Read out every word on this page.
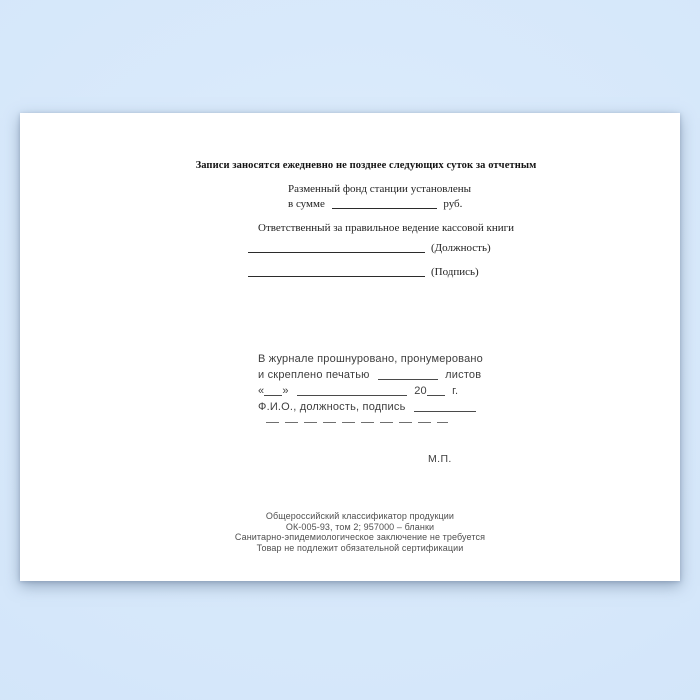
Записи заносятся ежедневно не позднее следующих суток за отчетным
Разменный фонд станции установлены
в сумме	руб.
Ответственный за правильное ведение кассовой книги
(Должность)
(Подпись)
В журнале прошнуровано, пронумеровано
и скреплено печатью	листов
« »	20 г.
Ф.И.О., должность, подпись
М.П.
Общероссийский классификатор продукции
ОК-005-93, том 2; 957000 – бланки
Санитарно-эпидемиологическое заключение не требуется
Товар не подлежит обязательной сертификации
